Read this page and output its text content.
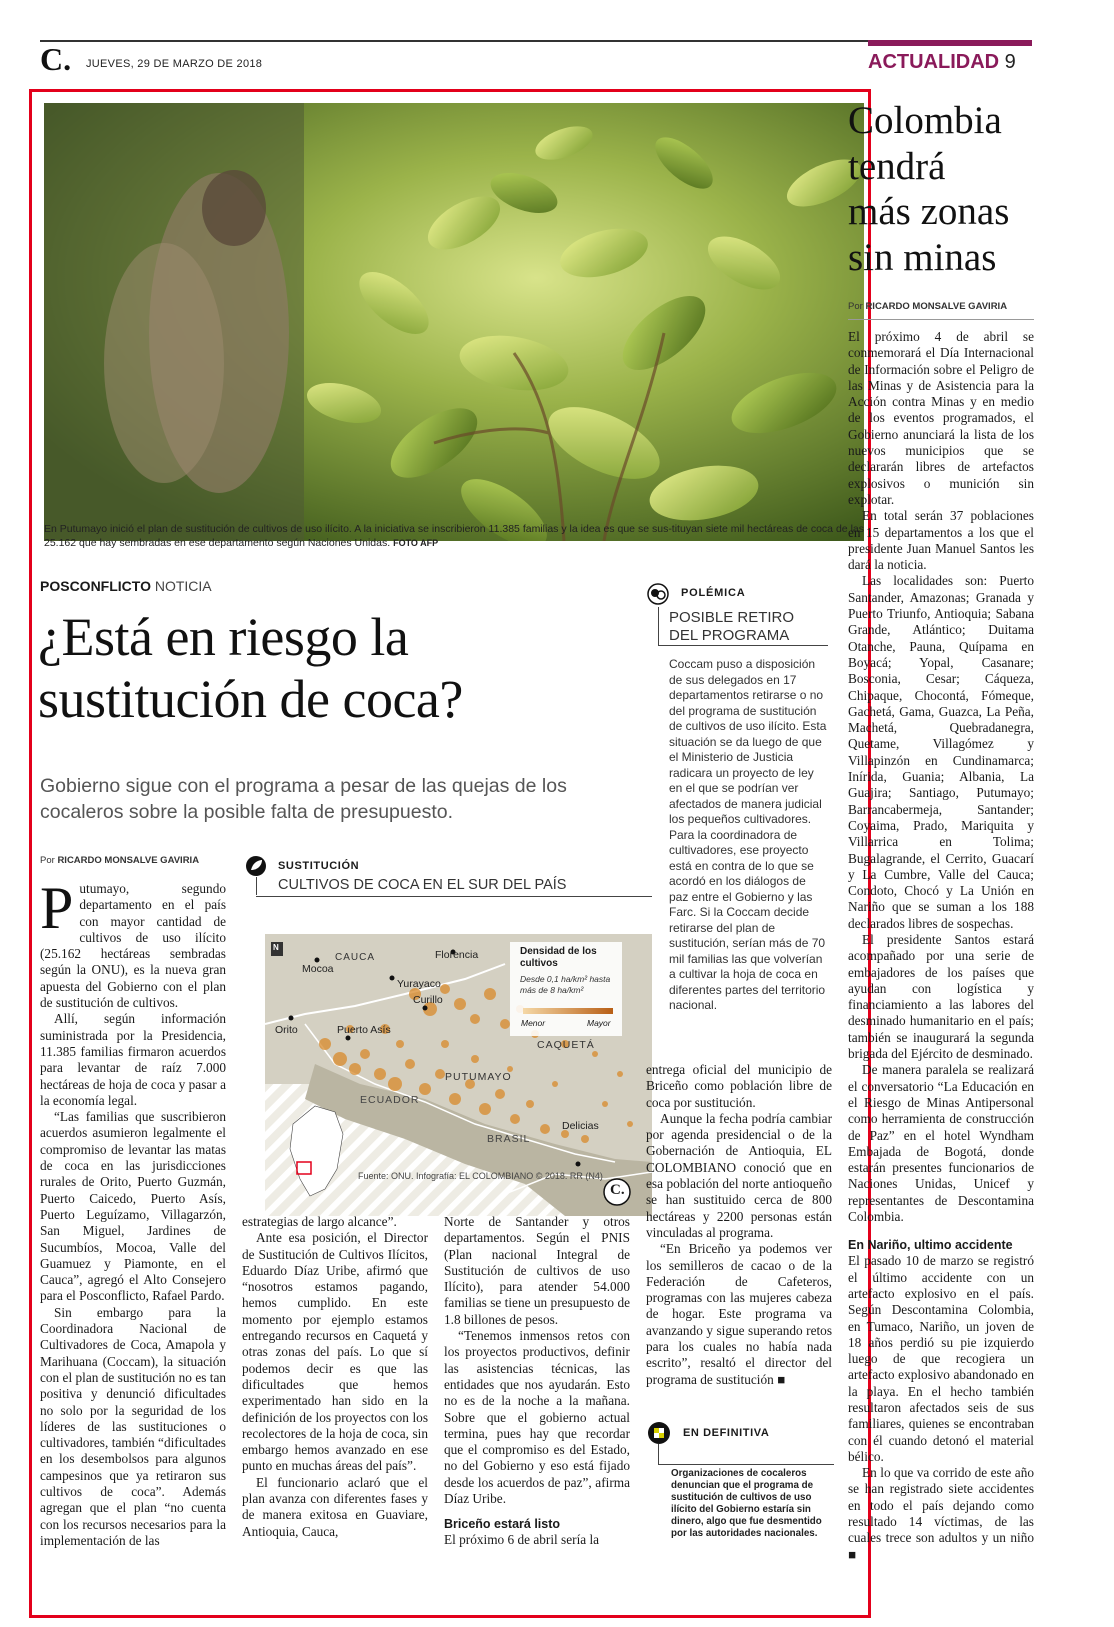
C. JUEVES, 29 DE MARZO DE 2018	ACTUALIDAD 9
En Putumayo inició el plan de sustitución de cultivos de uso ilícito. A la iniciativa se inscribieron 11.385 familias y la idea es que se sus-tituyan siete mil hectáreas de coca de las 25.162 que hay sembradas en ese departamento según Naciones Unidas. FOTO AFP
POSCONFLICTO NOTICIA
¿Está en riesgo la
sustitución de coca?
Gobierno sigue con el programa a pesar de las quejas de los cocaleros sobre la posible falta de presupuesto.
POLÉMICA
POSIBLE RETIRO DEL PROGRAMA
Coccam puso a disposición de sus delegados en 17 departamentos retirarse o no del programa de sustitución de cultivos de uso ilícito. Esta situación se da luego de que el Ministerio de Justicia radicara un proyecto de ley en el que se podrían ver afectados de manera judicial los pequeños cultivadores. Para la coordinadora de cultivadores, ese proyecto está en contra de lo que se acordó en los diálogos de paz entre el Gobierno y las Farc. Si la Coccam decide retirarse del plan de sustitución, serían más de 70 mil familias las que volverían a cultivar la hoja de coca en diferentes partes del territorio nacional.
Por RICARDO MONSALVE GAVIRIA	SUSTITUCIÓN
CULTIVOS DE COCA EN EL SUR DEL PAÍS
N
CAUCA	Florencia
Mocoa
Yurayaco
Curillo
Orito	Puerto Asís
CAQUETÁ
PUTUMAYO
ECUADOR
BRASIL
Delicias
Densidad de los cultivos
Desde 0,1 ha/km² hasta más de 8 ha/km²
Menor	Mayor
C.
Fuente: ONU. Infografía: EL COLOMBIANO © 2018. RR (N4)
P utumayo, segundo departamento en el país con mayor cantidad de cultivos de uso ilícito (25.162 hectáreas sembradas según la ONU), es la nueva gran apuesta del Gobierno con el plan de sustitución de cultivos.

Allí, según información suministrada por la Presidencia, 11.385 familias firmaron acuerdos para levantar de raíz 7.000 hectáreas de hoja de coca y pasar a la economía legal.

“Las familias que suscribieron acuerdos asumieron legalmente el compromiso de levantar las matas de coca en las jurisdicciones rurales de Orito, Puerto Guzmán, Puerto Caicedo, Puerto Asís, Puerto Leguízamo, Villagarzón, San Miguel, Jardines de Sucumbíos, Mocoa, Valle del Guamuez y Piamonte, en el Cauca”, agregó el Alto Consejero para el Posconflicto, Rafael Pardo.

Sin embargo para la Coordinadora Nacional de Cultivadores de Coca, Amapola y Marihuana (Coccam), la situación con el plan de sustitución no es tan positiva y denunció dificultades no solo por la seguridad de los líderes de las sustituciones o cultivadores, también “dificultades en los desembolsos para algunos campesinos que ya retiraron sus cultivos de coca”. Además agregan que el plan “no cuenta con los recursos necesarios para la implementación de las

estrategias de largo alcance”.

Ante esa posición, el Director de Sustitución de Cultivos Ilícitos, Eduardo Díaz Uribe, afirmó que “nosotros estamos pagando, hemos cumplido. En este momento por ejemplo estamos entregando recursos en Caquetá y otras zonas del país. Lo que sí podemos decir es que las dificultades que hemos experimentado han sido en la definición de los proyectos con los recolectores de la hoja de coca, sin embargo hemos avanzado en ese punto en muchas áreas del país”.

El funcionario aclaró que el plan avanza con diferentes fases y de manera exitosa en Guaviare, Antioquia, Cauca,

Norte de Santander y otros departamentos. Según el PNIS (Plan nacional Integral de Sustitución de cultivos de uso Ilícito), para atender 54.000 familias se tiene un presupuesto de 1.8 billones de pesos.

“Tenemos inmensos retos con los proyectos productivos, definir las asistencias técnicas, las entidades que nos ayudarán. Esto no es de la noche a la mañana. Sobre que el gobierno actual termina, pues hay que recordar que el compromiso es del Estado, no del Gobierno y eso está fijado desde los acuerdos de paz”, afirma Díaz Uribe.

Briceño estará listo

El próximo 6 de abril sería la

entrega oficial del municipio de Briceño como población libre de coca por sustitución.

Aunque la fecha podría cambiar por agenda presidencial o de la Gobernación de Antioquia, EL COLOMBIANO conoció que en esa población del norte antioqueño se han sustituido cerca de 800 hectáreas y 2200 personas están vinculadas al programa.

“En Briceño ya podemos ver los semilleros de cacao o de la Federación de Cafeteros, programas con las mujeres cabeza de hogar. Este programa va avanzando y sigue superando retos para los cuales no había nada escrito”, resaltó el director del programa de sustitución ■

EN DEFINITIVA
Organizaciones de cocaleros denuncian que el programa de sustitución de cultivos de uso ilícito del Gobierno estaría sin dinero, algo que fue desmentido por las autoridades nacionales.
Colombia
tendrá
más zonas
sin minas
Por RICARDO MONSALVE GAVIRIA

El próximo 4 de abril se conmemorará el Día Internacional de Información sobre el Peligro de las Minas y de Asistencia para la Acción contra Minas y en medio de los eventos programados, el Gobierno anunciará la lista de los nuevos municipios que se declararán libres de artefactos explosivos o munición sin explotar.

En total serán 37 poblaciones en 15 departamentos a los que el presidente Juan Manuel Santos les dará la noticia.

Las localidades son: Puerto Santander, Amazonas; Granada y Puerto Triunfo, Antioquia; Sabana Grande, Atlántico; Duitama Otanche, Pauna, Quípama en Boyacá; Yopal, Casanare; Bosconia, Cesar; Cáqueza, Chipaque, Chocontá, Fómeque, Gachetá, Gama, Guazca, La Peña, Machetá, Quebradanegra, Quetame, Villagómez y Villapinzón en Cundinamarca; Inírida, Guania; Albania, La Guajira; Santiago, Putumayo; Barrancabermeja, Santander; Coyaima, Prado, Mariquita y Villarrica en Tolima; Bugalagrande, el Cerrito, Guacarí y La Cumbre, Valle del Cauca; Condoto, Chocó y La Unión en Nariño que se suman a los 188 declarados libres de sospechas.

El presidente Santos estará acompañado por una serie de embajadores de los países que ayudan con logística y financiamiento a las labores del desminado humanitario en el país; también se inaugurará la segunda brigada del Ejército de desminado.

De manera paralela se realizará el conversatorio “La Educación en el Riesgo de Minas Antipersonal como herramienta de construcción de Paz” en el hotel Wyndham Embajada de Bogotá, donde estarán presentes funcionarios de Naciones Unidas, Unicef y representantes de Descontamina Colombia.

En Nariño, ultimo accidente

El pasado 10 de marzo se registró el último accidente con un artefacto explosivo en el país. Según Descontamina Colombia, en Tumaco, Nariño, un joven de 18 años perdió su pie izquierdo luego de que recogiera un artefacto explosivo abandonado en la playa. En el hecho también resultaron afectados seis de sus familiares, quienes se encontraban con él cuando detonó el material bélico.

En lo que va corrido de este año se han registrado siete accidentes en todo el país dejando como resultado 14 víctimas, de las cuales trece son adultos y un niño ■
